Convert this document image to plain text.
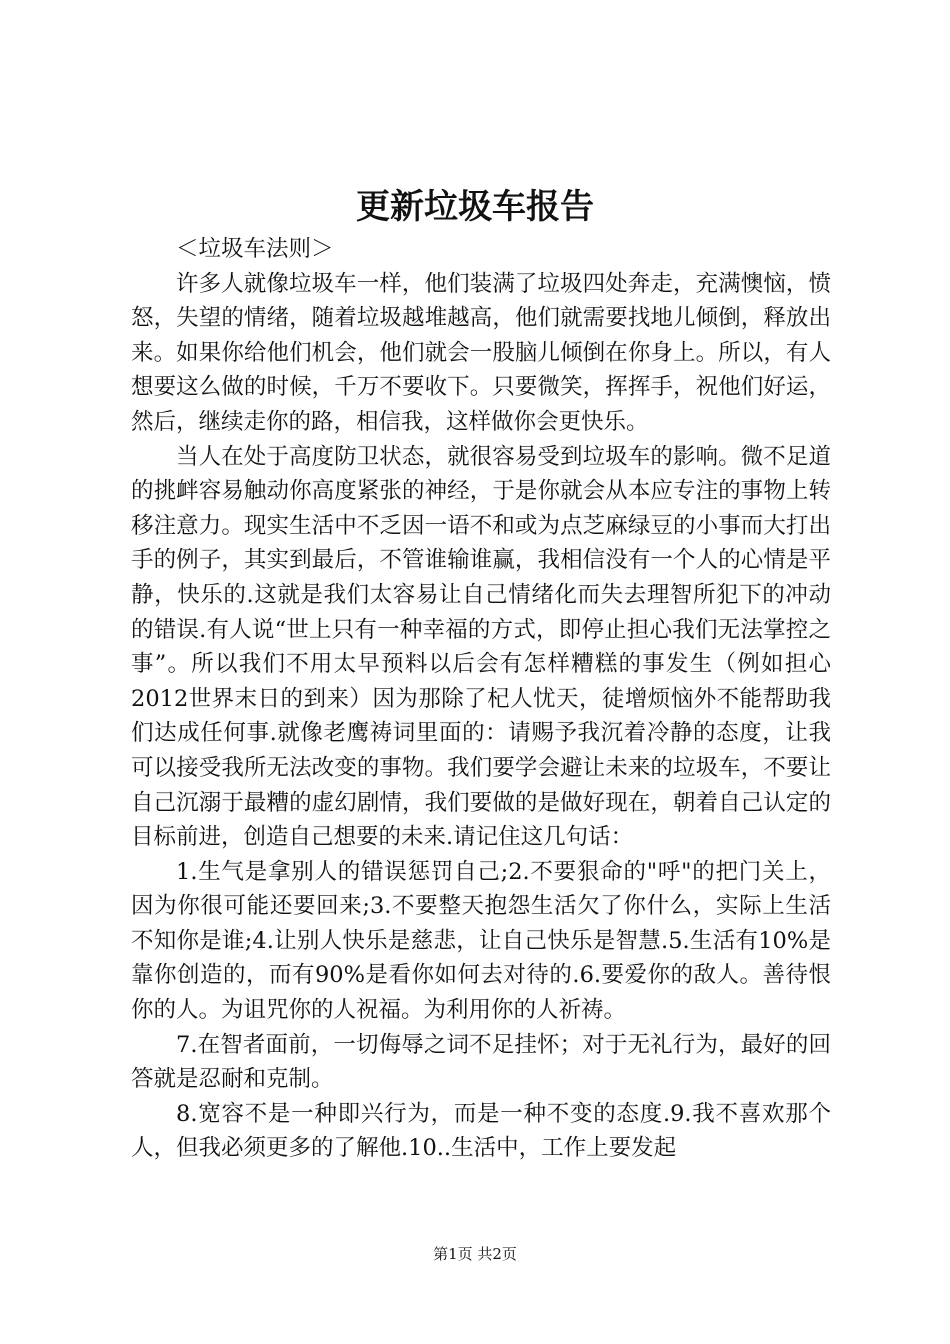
更新垃圾车报告

＜垃圾车法则＞

许多人就像垃圾车一样，他们装满了垃圾四处奔走，充满懊恼，愤怒，失望的情绪，随着垃圾越堆越高，他们就需要找地儿倾倒，释放出来。如果你给他们机会，他们就会一股脑儿倾倒在你身上。所以，有人想要这么做的时候，千万不要收下。只要微笑，挥挥手，祝他们好运，然后，继续走你的路，相信我，这样做你会更快乐。

当人在处于高度防卫状态，就很容易受到垃圾车的影响。微不足道的挑衅容易触动你高度紧张的神经，于是你就会从本应专注的事物上转移注意力。现实生活中不乏因一语不和或为点芝麻绿豆的小事而大打出手的例子，其实到最后，不管谁输谁赢，我相信没有一个人的心情是平静，快乐的.这就是我们太容易让自己情绪化而失去理智所犯下的冲动的错误.有人说“世上只有一种幸福的方式，即停止担心我们无法掌控之事”。所以我们不用太早预料以后会有怎样糟糕的事发生（例如担心2012世界末日的到来）因为那除了杞人忧天，徒增烦恼外不能帮助我们达成任何事.就像老鹰祷词里面的：请赐予我沉着冷静的态度，让我可以接受我所无法改变的事物。我们要学会避让未来的垃圾车，不要让自己沉溺于最糟的虚幻剧情，我们要做的是做好现在，朝着自己认定的目标前进，创造自己想要的未来.请记住这几句话：

1.生气是拿别人的错误惩罚自己;2.不要狠命的"呼"的把门关上，因为你很可能还要回来;3.不要整天抱怨生活欠了你什么，实际上生活不知你是谁;4.让别人快乐是慈悲，让自己快乐是智慧.5.生活有10%是靠你创造的，而有90%是看你如何去对待的.6.要爱你的敌人。善待恨你的人。为诅咒你的人祝福。为利用你的人祈祷。

7.在智者面前，一切侮辱之词不足挂怀；对于无礼行为，最好的回答就是忍耐和克制。

8.宽容不是一种即兴行为，而是一种不变的态度.9.我不喜欢那个人，但我必须更多的了解他.10..生活中，工作上要发起

第1页 共2页
